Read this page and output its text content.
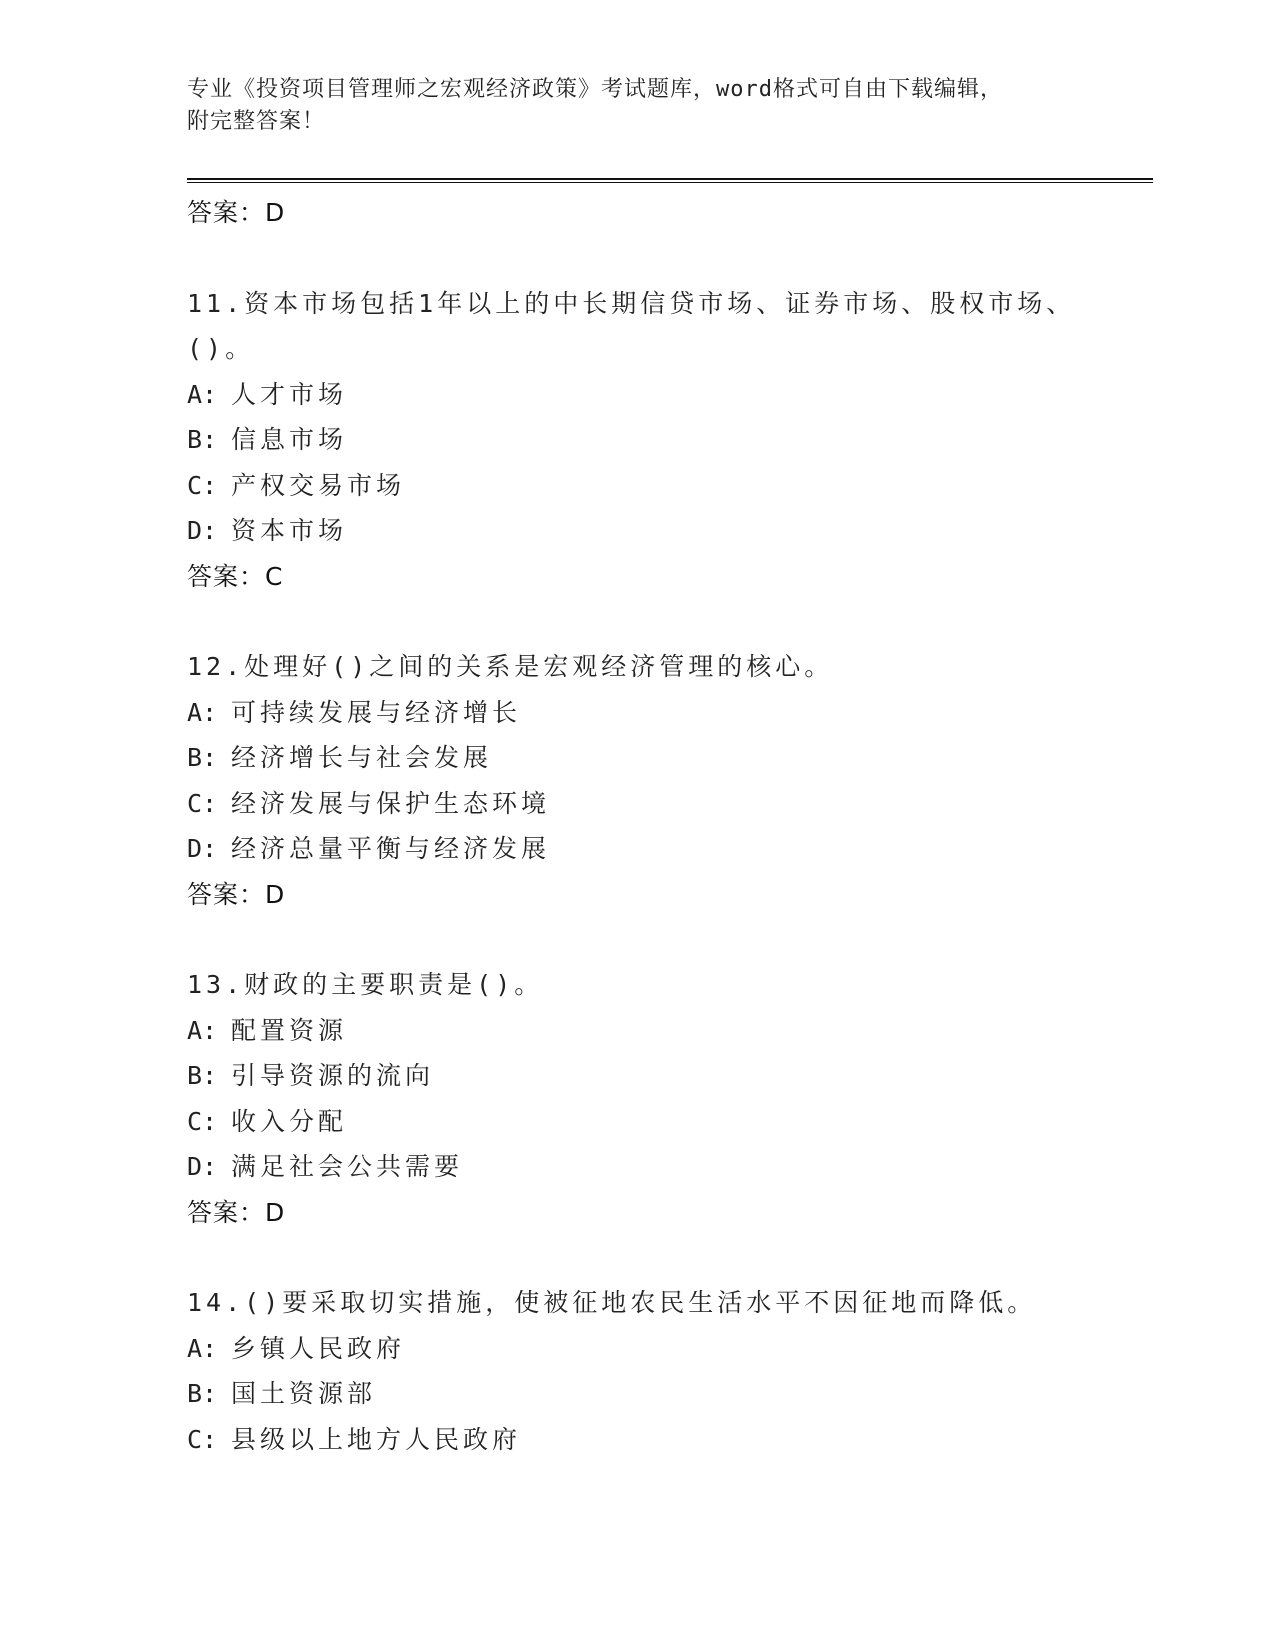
专业《投资项目管理师之宏观经济政策》考试题库，word格式可自由下载编辑，
附完整答案！
答案：D
11.资本市场包括1年以上的中长期信贷市场、证券市场、股权市场、
()。
A: 人才市场
B: 信息市场
C: 产权交易市场
D: 资本市场
答案：C
12.处理好()之间的关系是宏观经济管理的核心。
A: 可持续发展与经济增长
B: 经济增长与社会发展
C: 经济发展与保护生态环境
D: 经济总量平衡与经济发展
答案：D
13.财政的主要职责是()。
A: 配置资源
B: 引导资源的流向
C: 收入分配
D: 满足社会公共需要
答案：D
14.()要采取切实措施，使被征地农民生活水平不因征地而降低。
A: 乡镇人民政府
B: 国土资源部
C: 县级以上地方人民政府
